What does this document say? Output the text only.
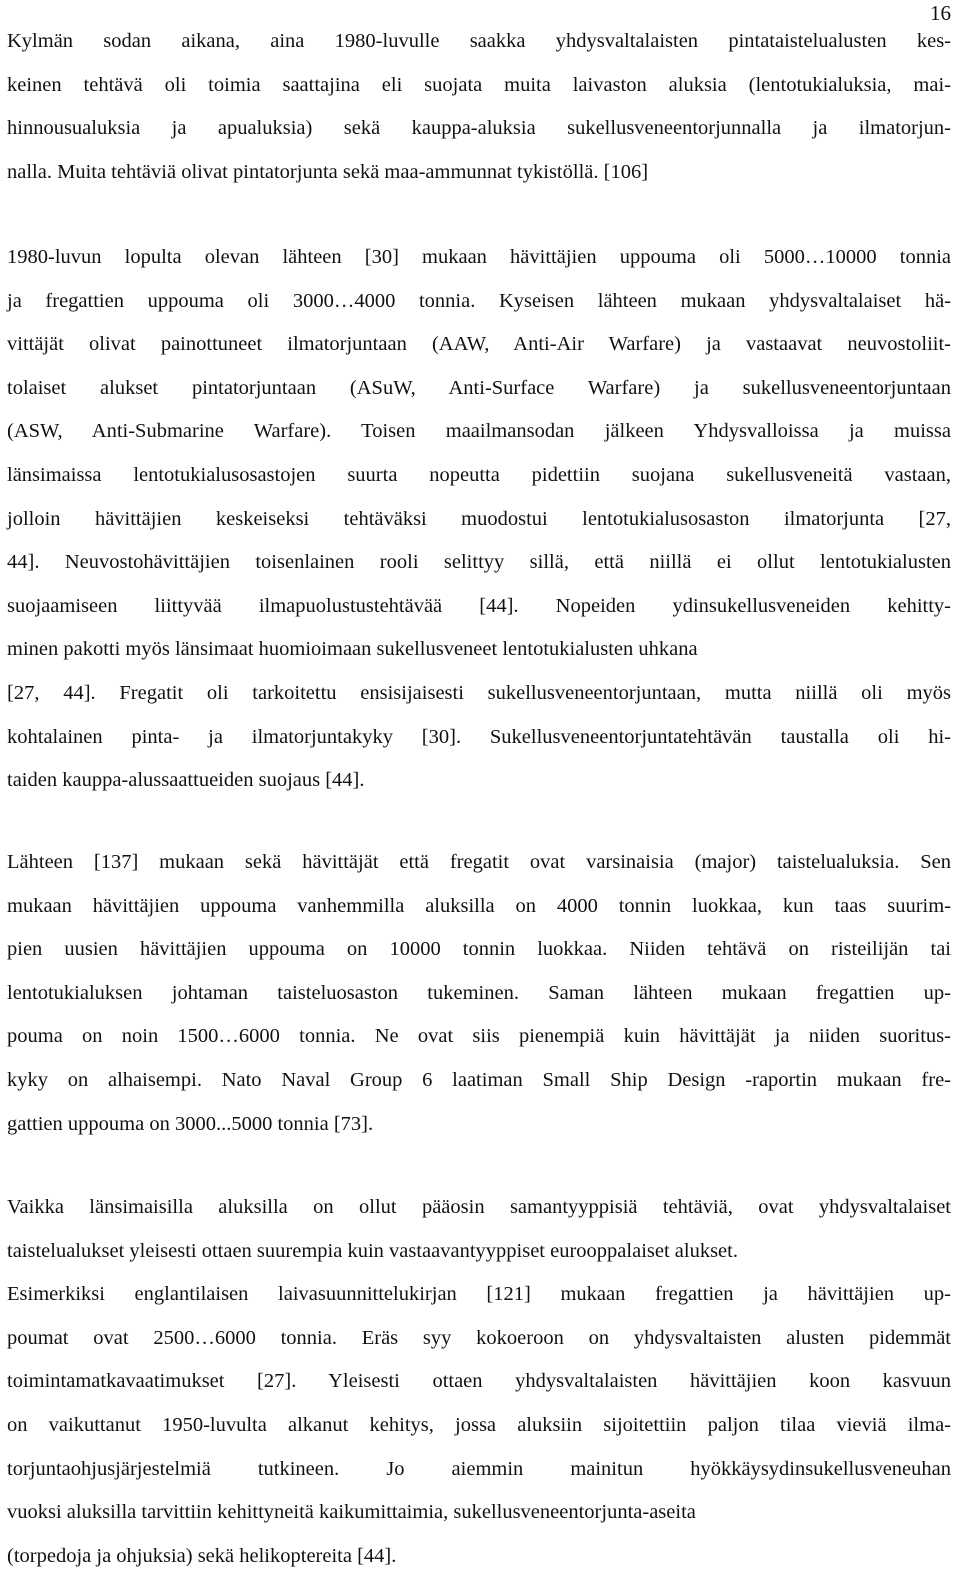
16

Kylmän sodan aikana, aina 1980-luvulle saakka yhdysvaltalaisten pintataistelualusten kes-
keinen tehtävä oli toimia saattajina eli suojata muita laivaston aluksia (lentotukialuksia, mai-
hinnousualuksia ja apualuksia) sekä kauppa-aluksia sukellusveneentorjunnalla ja ilmatorjun-
nalla. Muita tehtäviä olivat pintatorjunta sekä maa-ammunnat tykistöllä. [106]

1980-luvun lopulta olevan lähteen [30] mukaan hävittäjien uppouma oli 5000…10000 tonnia
ja fregattien uppouma oli 3000…4000 tonnia. Kyseisen lähteen mukaan yhdysvaltalaiset hä-
vittäjät olivat painottuneet ilmatorjuntaan (AAW, Anti-Air Warfare) ja vastaavat neuvostoliit-
tolaiset alukset pintatorjuntaan (ASuW, Anti-Surface Warfare) ja sukellusveneentorjuntaan
(ASW, Anti-Submarine Warfare). Toisen maailmansodan jälkeen Yhdysvalloissa ja muissa
länsimaissa lentotukialusosastojen suurta nopeutta pidettiin suojana sukellusveneitä vastaan,
jolloin hävittäjien keskeiseksi tehtäväksi muodostui lentotukialusosaston ilmatorjunta [27,
44]. Neuvostohävittäjien toisenlainen rooli selittyy sillä, että niillä ei ollut lentotukialusten
suojaamiseen liittyvää ilmapuolustustehtävää [44]. Nopeiden ydinsukellusveneiden kehitty-
minen pakotti myös länsimaat huomioimaan sukellusveneet lentotukialusten uhkana
[27, 44]. Fregatit oli tarkoitettu ensisijaisesti sukellusveneentorjuntaan, mutta niillä oli myös
kohtalainen pinta- ja ilmatorjuntakyky [30]. Sukellusveneentorjuntatehtävän taustalla oli hi-
taiden kauppa-alussaattueiden suojaus [44].

Lähteen [137] mukaan sekä hävittäjät että fregatit ovat varsinaisia (major) taistelualuksia. Sen
mukaan hävittäjien uppouma vanhemmilla aluksilla on 4000 tonnin luokkaa, kun taas suurim-
pien uusien hävittäjien uppouma on 10000 tonnin luokkaa. Niiden tehtävä on risteilijän tai
lentotukialuksen johtaman taisteluosaston tukeminen. Saman lähteen mukaan fregattien up-
pouma on noin 1500…6000 tonnia. Ne ovat siis pienempiä kuin hävittäjät ja niiden suoritus-
kyky on alhaisempi. Nato Naval Group 6 laatiman Small Ship Design -raportin mukaan fre-
gattien uppouma on 3000...5000 tonnia [73].

Vaikka länsimaisilla aluksilla on ollut pääosin samantyyppisiä tehtäviä, ovat yhdysvaltalaiset
taistelualukset yleisesti ottaen suurempia kuin vastaavantyyppiset eurooppalaiset alukset.
Esimerkiksi englantilaisen laivasuunnittelukirjan [121] mukaan fregattien ja hävittäjien up-
poumat ovat 2500…6000 tonnia. Eräs syy kokoeroon on yhdysvaltaisten alusten pidemmät
toimintamatkavaatimukset [27]. Yleisesti ottaen yhdysvaltalaisten hävittäjien koon kasvuun
on vaikuttanut 1950-luvulta alkanut kehitys, jossa aluksiin sijoitettiin paljon tilaa vieviä ilma-
torjuntaohjusjärjestelmiä tutkineen. Jo aiemmin mainitun hyökkäysydinsukellusveneuhan
vuoksi aluksilla tarvittiin kehittyneitä kaikumittaimia, sukellusveneentorjunta-aseita
(torpedoja ja ohjuksia) sekä helikoptereita [44].
